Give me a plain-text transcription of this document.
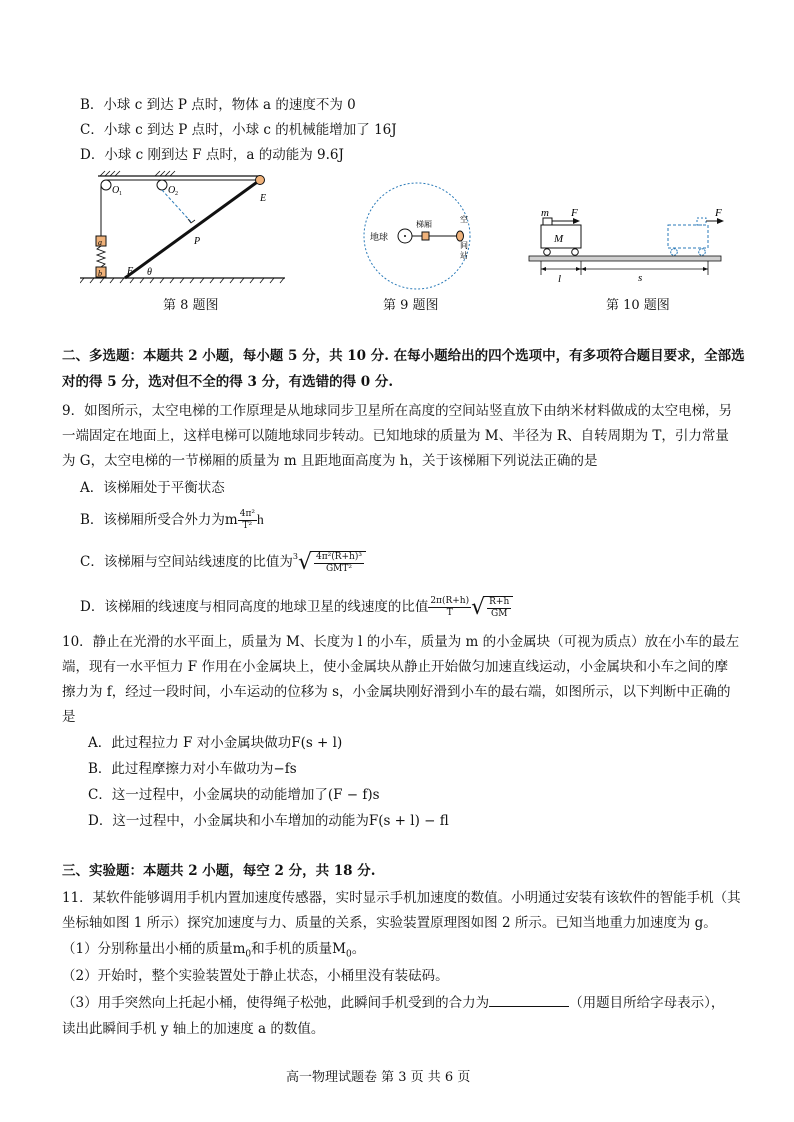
B．小球 c 到达 P 点时，物体 a 的速度不为 0
C．小球 c 到达 P 点时，小球 c 的机械能增加了 16J
D．小球 c 刚到达 F 点时，a 的动能为 9.6J
O 1	O 2	E
P
F θ
a
b
第 8 题图
地球
梯厢
空
间
站
第 9 题图
m F
M
F
l	s
第 10 题图
二、多选题：本题共 2 小题，每小题 5 分，共 10 分. 在每小题给出的四个选项中，有多项符合题目要求，全部选
对的得 5 分，选对但不全的得 3 分，有选错的得 0 分.
9．如图所示，太空电梯的工作原理是从地球同步卫星所在高度的空间站竖直放下由纳米材料做成的太空电梯，另
一端固定在地面上，这样电梯可以随地球同步转动。已知地球的质量为 M、半径为 R、自转周期为 T，引力常量
为 G，太空电梯的一节梯厢的质量为 m 且距地面高度为 h，关于该梯厢下列说法正确的是
A．该梯厢处于平衡状态
B．该梯厢所受合外力为m $\frac{\text{4π²}}{\text{T²}}$ h
C．该梯厢与空间站线速度的比值为$^3√ \frac{\text{4π²(R+h)³}}{\text{GMT²}}$
D．该梯厢的线速度与相同高度的地球卫星的线速度的比值 $\frac{2\pi(R+h)}{T}$ √ $\frac{R+h}{GM}$
10．静止在光滑的水平面上，质量为 M、长度为 l 的小车，质量为 m 的小金属块（可视为质点）放在小车的最左
端，现有一水平恒力 F 作用在小金属块上，使小金属块从静止开始做匀加速直线运动，小金属块和小车之间的摩
擦力为 f，经过一段时间，小车运动的位移为 s，小金属块刚好滑到小车的最右端，如图所示，以下判断中正确的
是
A．此过程拉力 F 对小金属块做功F(s + l)
B．此过程摩擦力对小车做功为−fs
C．这一过程中，小金属块的动能增加了(F − f)s
D．这一过程中，小金属块和小车增加的动能为F(s + l) − fl
三、实验题：本题共 2 小题，每空 2 分，共 18 分.
11．某软件能够调用手机内置加速度传感器，实时显示手机加速度的数值。小明通过安装有该软件的智能手机（其
坐标轴如图 1 所示）探究加速度与力、质量的关系，实验装置原理图如图 2 所示。已知当地重力加速度为 g。
（1）分别称量出小桶的质量$m_0$和手机的质量$M_0$。
（2）开始时，整个实验装置处于静止状态，小桶里没有装砝码。
（3）用手突然向上托起小桶，使得绳子松弛，此瞬间手机受到的合力为	（用题目所给字母表示），
读出此瞬间手机 y 轴上的加速度 a 的数值。
高一物理试题卷 第 3 页 共 6 页
